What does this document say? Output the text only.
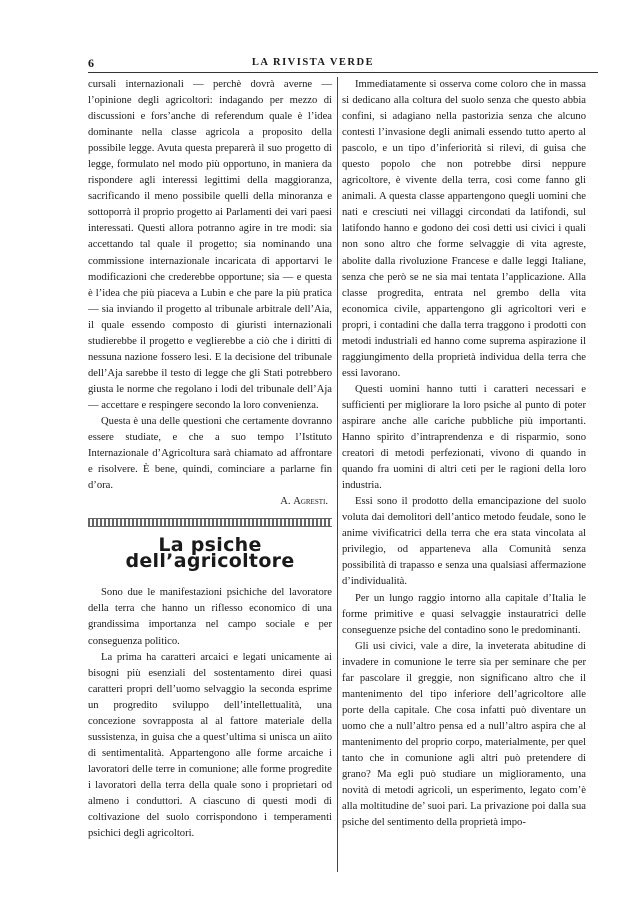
6	LA RIVISTA VERDE

cursali internazionali — perchè dovrà averne — l’opinione degli agricoltori: indagando per mezzo di discussioni e fors’anche di referendum quale è l’idea dominante nella classe agricola a proposito della possibile legge. Avuta questa preparerà il suo progetto di legge, formulato nel modo più opportuno, in maniera da rispondere agli interessi legittimi della maggioranza, sacrificando il meno possibile quelli della minoranza e sottoporrà il proprio progetto ai Parlamenti dei vari paesi interessati. Questi allora potranno agire in tre modi: sia accettando tal quale il progetto; sia nominando una commissione internazionale incaricata di apportarvi le modificazioni che crederebbe opportune; sia — e questa è l’idea che più piaceva a Lubin e che pare la più pratica — sia inviando il progetto al tribunale arbitrale dell’Aia, il quale essendo composto di giuristi internazionali studierebbe il progetto e veglierebbe a ciò che i diritti di nessuna nazione fossero lesi. E la decisione del tribunale dell’Aja sarebbe il testo di legge che gli Stati potrebbero giusta le norme che regolano i lodi del tribunale dell’Aja — accettare e respingere secondo la loro convenienza.

Questa è una delle questioni che certamente dovranno essere studiate, e che a suo tempo l’Istituto Internazionale d’Agricoltura sarà chiamato ad affrontare e risolvere. È bene, quindi, cominciare a parlarne fin d’ora.

A. Agresti.

La psiche dell’agricoltore

Sono due le manifestazioni psichiche del lavoratore della terra che hanno un riflesso economico di una grandissima importanza nel campo sociale e per conseguenza politico.

La prima ha caratteri arcaici e legati unicamente ai bisogni più esenziali del sostentamento direi quasi caratteri propri dell’uomo selvaggio la seconda esprime un progredito sviluppo dell’intellettualità, una concezione sovrapposta al al fattore materiale della sussistenza, in guisa che a quest’ultima si unisca un aiito di sentimentalità. Appartengono alle forme arcaiche i lavoratori delle terre in comunione; alle forme progredite i lavoratori della terra della quale sono i proprietari od almeno i conduttori. A ciascuno di questi modi di coltivazione del suolo corrispondono i temperamenti psichici degli agricoltori.

Immediatamente si osserva come coloro che in massa si dedicano alla coltura del suolo senza che questo abbia confini, si adagiano nella pastorizia senza che alcuno contesti l’invasione degli animali essendo tutto aperto al pascolo, e un tipo d’inferiorità si rilevi, di guisa che questo popolo che non potrebbe dirsi neppure agricoltore, è vivente della terra, così come fanno gli animali. A questa classe appartengono quegli uomini che nati e cresciuti nei villaggi circondati da latifondi, sul latifondo hanno e godono dei così detti usi civici i quali non sono altro che forme selvaggie di vita agreste, abolite dalla rivoluzione Francese e dalle leggi Italiane, senza che però se ne sia mai tentata l’applicazione. Alla classe progredita, entrata nel grembo della vita economica civile, appartengono gli agricoltori veri e propri, i contadini che dalla terra traggono i prodotti con metodi industriali ed hanno come suprema aspirazione il raggiungimento della proprietà individua della terra che essi lavorano.

Questi uomini hanno tutti i caratteri necessari e sufficienti per migliorare la loro psiche al punto di poter aspirare anche alle cariche pubbliche più importanti. Hanno spirito d’intraprendenza e di risparmio, sono creatori di metodi perfezionati, vivono di quando in quando fra uomini di altri ceti per le ragioni della loro industria.

Essi sono il prodotto della emancipazione del suolo voluta dai demolitori dell’antico metodo feudale, sono le anime vivificatrici della terra che era stata vincolata al privilegio, od apparteneva alla Comunità senza possibilità di trapasso e senza una qualsiasi affermazione d’individualità.

Per un lungo raggio intorno alla capitale d’Italia le forme primitive e quasi selvaggie instauratrici delle conseguenze psiche del contadino sono le predominanti.

Gli usi civici, vale a dire, la inveterata abitudine di invadere in comunione le terre sia per seminare che per far pascolare il greggie, non significano altro che il mantenimento del tipo inferiore dell’agricoltore alle porte della capitale. Che cosa infatti può diventare un uomo che a null’altro pensa ed a null’altro aspira che al mantenimento del proprio corpo, materialmente, per quel tanto che in comunione agli altri può pretendere di grano? Ma egli può studiare un miglioramento, una novità di metodi agricoli, un esperimento, legato com’è alla moltitudine de’ suoi pari. La privazione poi dalla sua psiche del sentimento della proprietà impo-
